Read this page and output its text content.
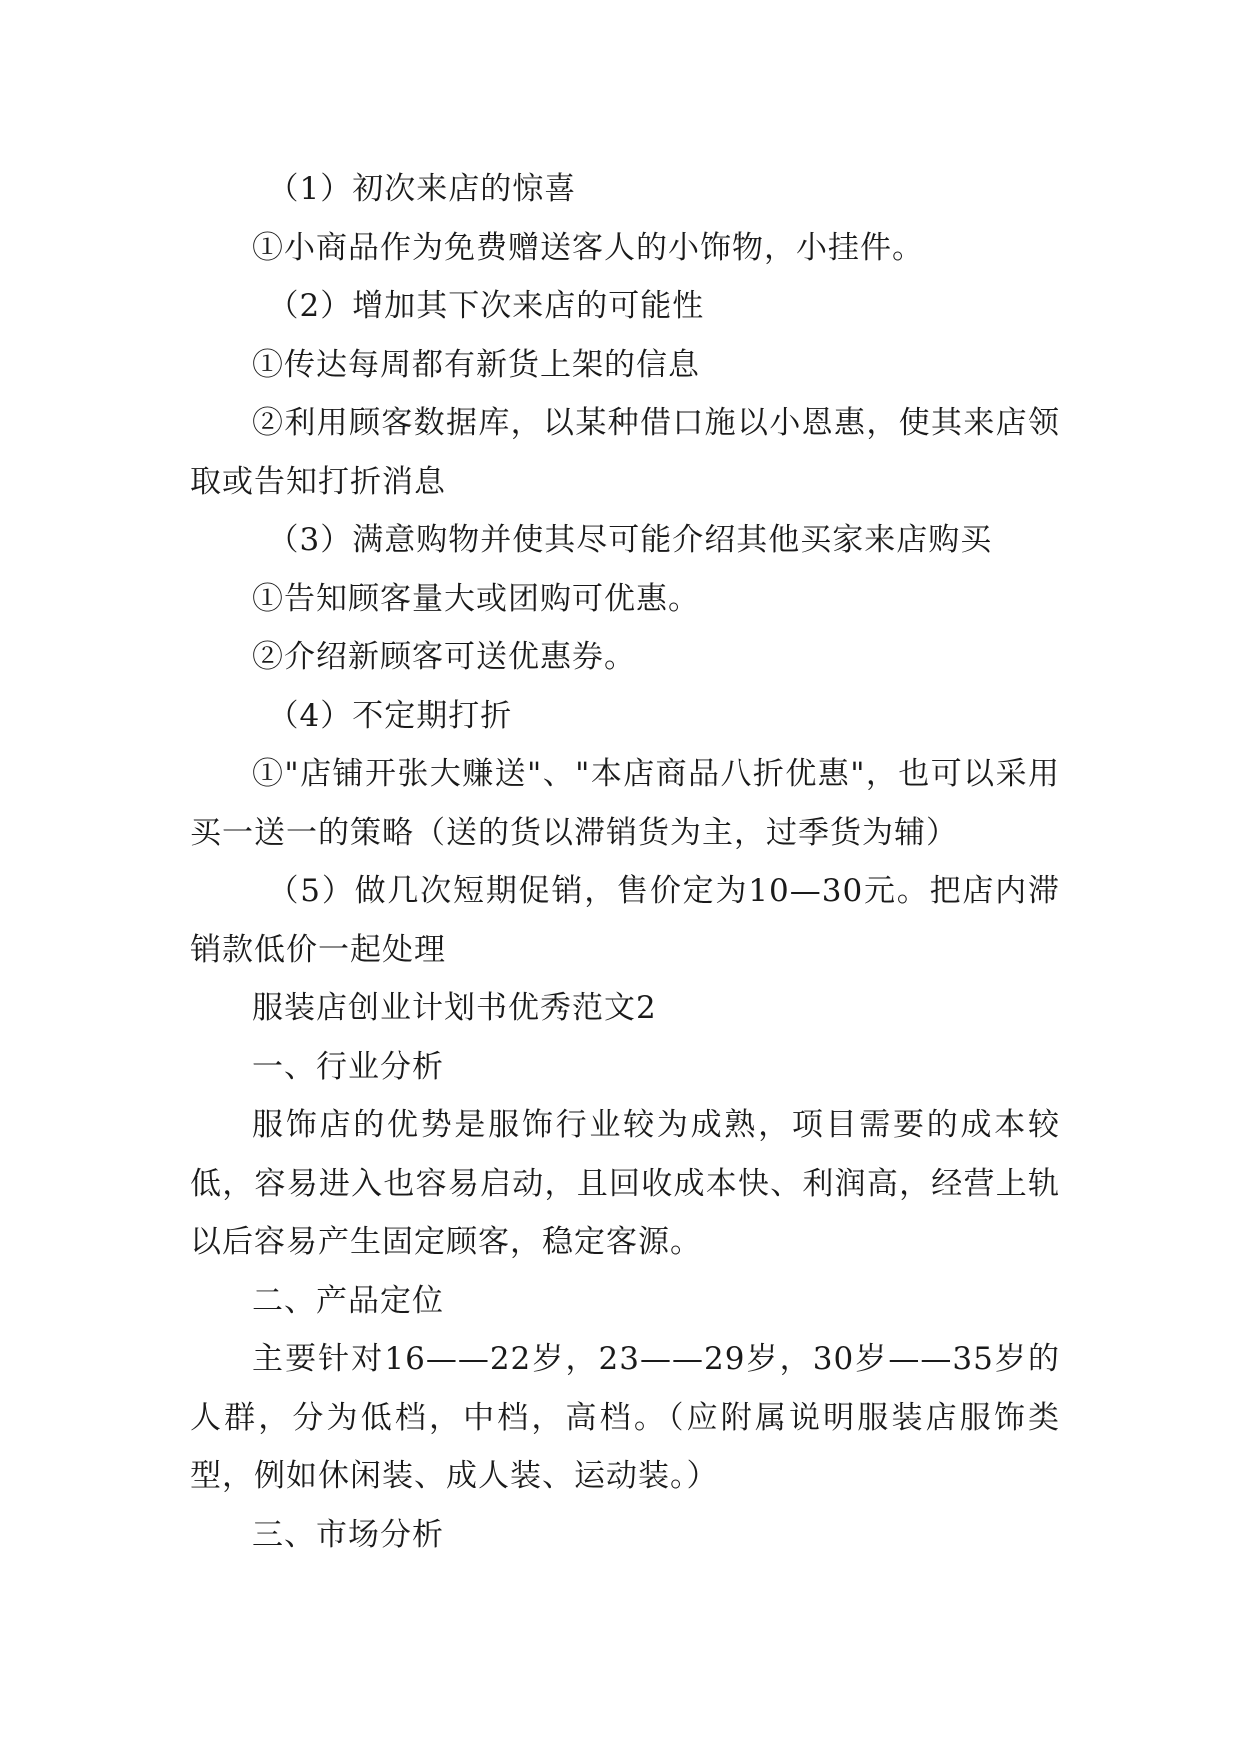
（1）初次来店的惊喜

①小商品作为免费赠送客人的小饰物，小挂件。

（2）增加其下次来店的可能性

①传达每周都有新货上架的信息

②利用顾客数据库，以某种借口施以小恩惠，使其来店领取或告知打折消息

（3）满意购物并使其尽可能介绍其他买家来店购买

①告知顾客量大或团购可优惠。

②介绍新顾客可送优惠券。

（4）不定期打折

①"店铺开张大赚送"、"本店商品八折优惠"，也可以采用买一送一的策略（送的货以滞销货为主，过季货为辅）

（5）做几次短期促销，售价定为10—30元。把店内滞销款低价一起处理

服装店创业计划书优秀范文2

一、行业分析

服饰店的优势是服饰行业较为成熟，项目需要的成本较低，容易进入也容易启动，且回收成本快、利润高，经营上轨以后容易产生固定顾客，稳定客源。

二、产品定位

主要针对16——22岁，23——29岁，30岁——35岁的人群，分为低档，中档，高档。（应附属说明服装店服饰类型，例如休闲装、成人装、运动装。）

三、市场分析
